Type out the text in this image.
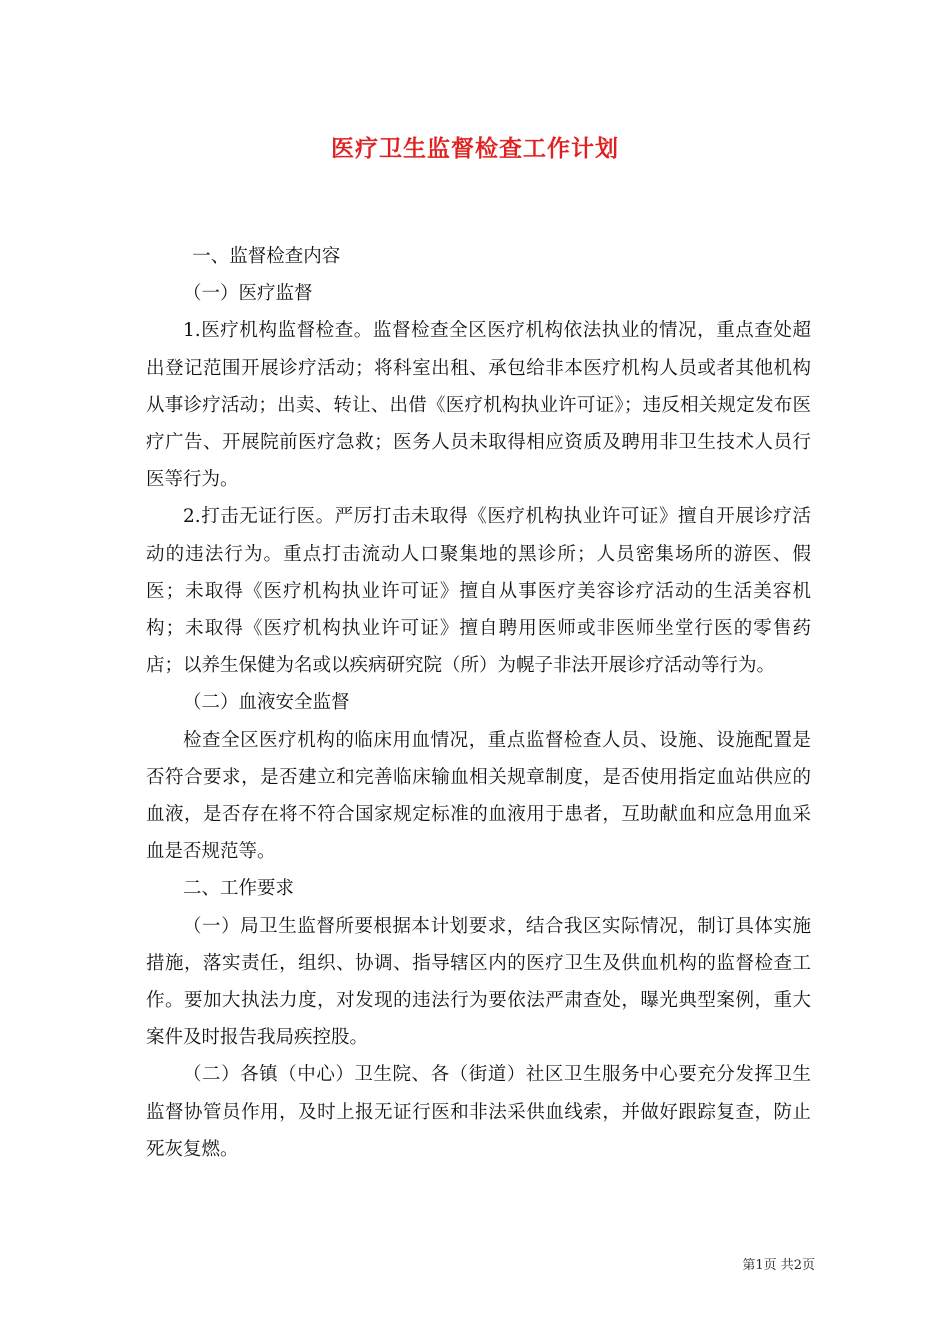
医疗卫生监督检查工作计划

一、监督检查内容

（一）医疗监督

1.医疗机构监督检查。监督检查全区医疗机构依法执业的情况，重点查处超出登记范围开展诊疗活动；将科室出租、承包给非本医疗机构人员或者其他机构从事诊疗活动；出卖、转让、出借《医疗机构执业许可证》；违反相关规定发布医疗广告、开展院前医疗急救；医务人员未取得相应资质及聘用非卫生技术人员行医等行为。

2.打击无证行医。严厉打击未取得《医疗机构执业许可证》擅自开展诊疗活动的违法行为。重点打击流动人口聚集地的黑诊所；人员密集场所的游医、假医；未取得《医疗机构执业许可证》擅自从事医疗美容诊疗活动的生活美容机构；未取得《医疗机构执业许可证》擅自聘用医师或非医师坐堂行医的零售药店；以养生保健为名或以疾病研究院（所）为幌子非法开展诊疗活动等行为。

（二）血液安全监督

检查全区医疗机构的临床用血情况，重点监督检查人员、设施、设施配置是否符合要求，是否建立和完善临床输血相关规章制度，是否使用指定血站供应的血液，是否存在将不符合国家规定标准的血液用于患者，互助献血和应急用血采血是否规范等。

二、工作要求

（一）局卫生监督所要根据本计划要求，结合我区实际情况，制订具体实施措施，落实责任，组织、协调、指导辖区内的医疗卫生及供血机构的监督检查工作。要加大执法力度，对发现的违法行为要依法严肃查处，曝光典型案例，重大案件及时报告我局疾控股。

（二）各镇（中心）卫生院、各（街道）社区卫生服务中心要充分发挥卫生监督协管员作用，及时上报无证行医和非法采供血线索，并做好跟踪复查，防止死灰复燃。

第1页 共2页
